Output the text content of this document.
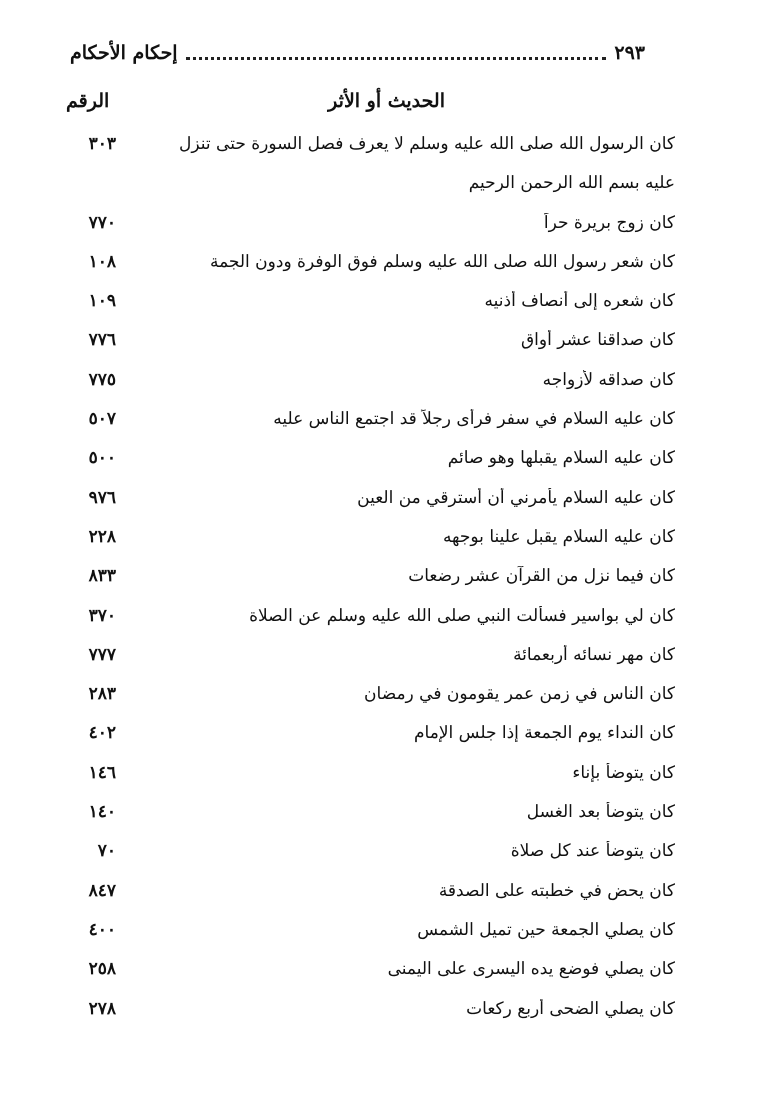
٢٩٣
إحكام الأحكام
الحديث أو الأثر
الرقم
كان الرسول الله صلى الله عليه وسلم لا يعرف فصل السورة حتى تنزل
٣٠٣
عليه بسم الله الرحمن الرحيم
كان زوج بريرة حراً
٧٧٠
كان شعر رسول الله صلى الله عليه وسلم فوق الوفرة ودون الجمة
١٠٨
كان شعره إلى أنصاف أذنيه
١٠٩
كان صداقنا عشر أواق
٧٧٦
كان صداقه لأزواجه
٧٧٥
كان عليه السلام في سفر فرأى رجلاً قد اجتمع الناس عليه
٥٠٧
كان عليه السلام يقبلها وهو صائم
٥٠٠
كان عليه السلام يأمرني أن أسترقي من العين
٩٧٦
كان عليه السلام يقبل علينا بوجهه
٢٢٨
كان فيما نزل من القرآن عشر رضعات
٨٣٣
كان لي بواسير فسألت النبي صلى الله عليه وسلم عن الصلاة
٣٧٠
كان مهر نسائه أربعمائة
٧٧٧
كان الناس في زمن عمر يقومون في رمضان
٢٨٣
كان النداء يوم الجمعة إذا جلس الإمام
٤٠٢
كان يتوضأ بإناء
١٤٦
كان يتوضأ بعد الغسل
١٤٠
كان يتوضأ عند كل صلاة
٧٠
كان يحض في خطبته على الصدقة
٨٤٧
كان يصلي الجمعة حين تميل الشمس
٤٠٠
كان يصلي فوضع يده اليسرى على اليمنى
٢٥٨
كان يصلي الضحى أربع ركعات
٢٧٨
